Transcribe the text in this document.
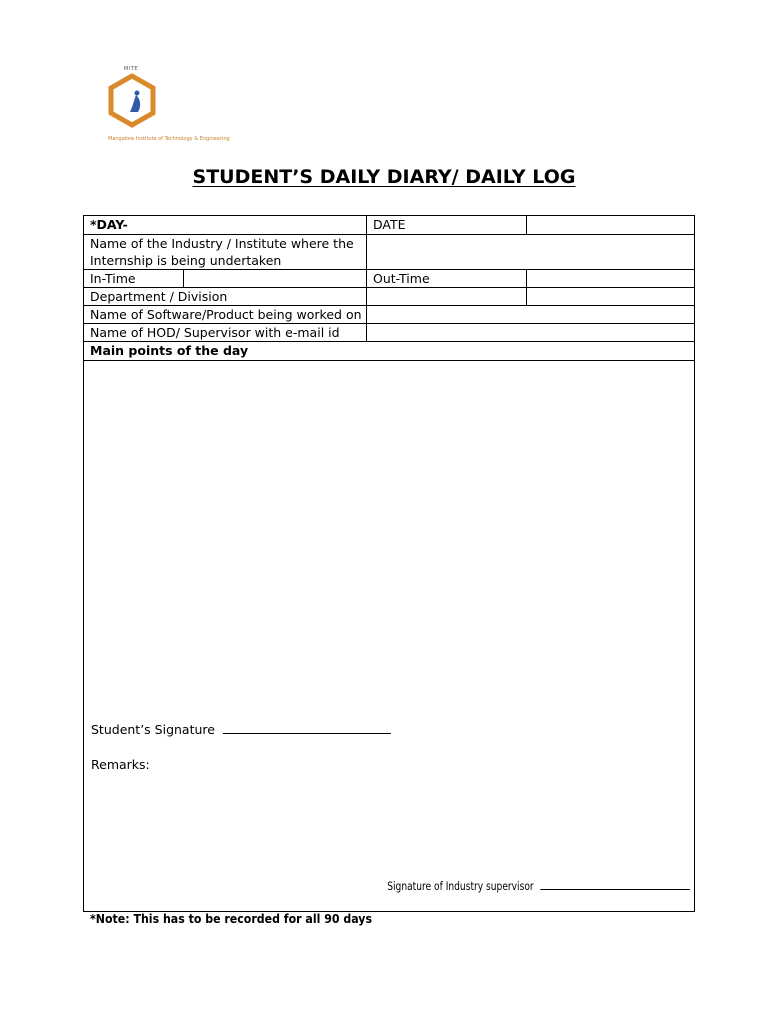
MITE
Mangalore Institute of Technology & Engineering
STUDENT’S DAILY DIARY/ DAILY LOG
*DAY-		DATE	
Name of the Industry / Institute where the Internship is being undertaken			
In-Time		Out-Time	
Department / Division			
Name of Software/Product being worked on			
Name of HOD/ Supervisor with e-mail id			
Main points of the day			

Student’s Signature
Remarks:
Signature of Industry supervisor			
*Note: This has to be recorded for all 90 days
